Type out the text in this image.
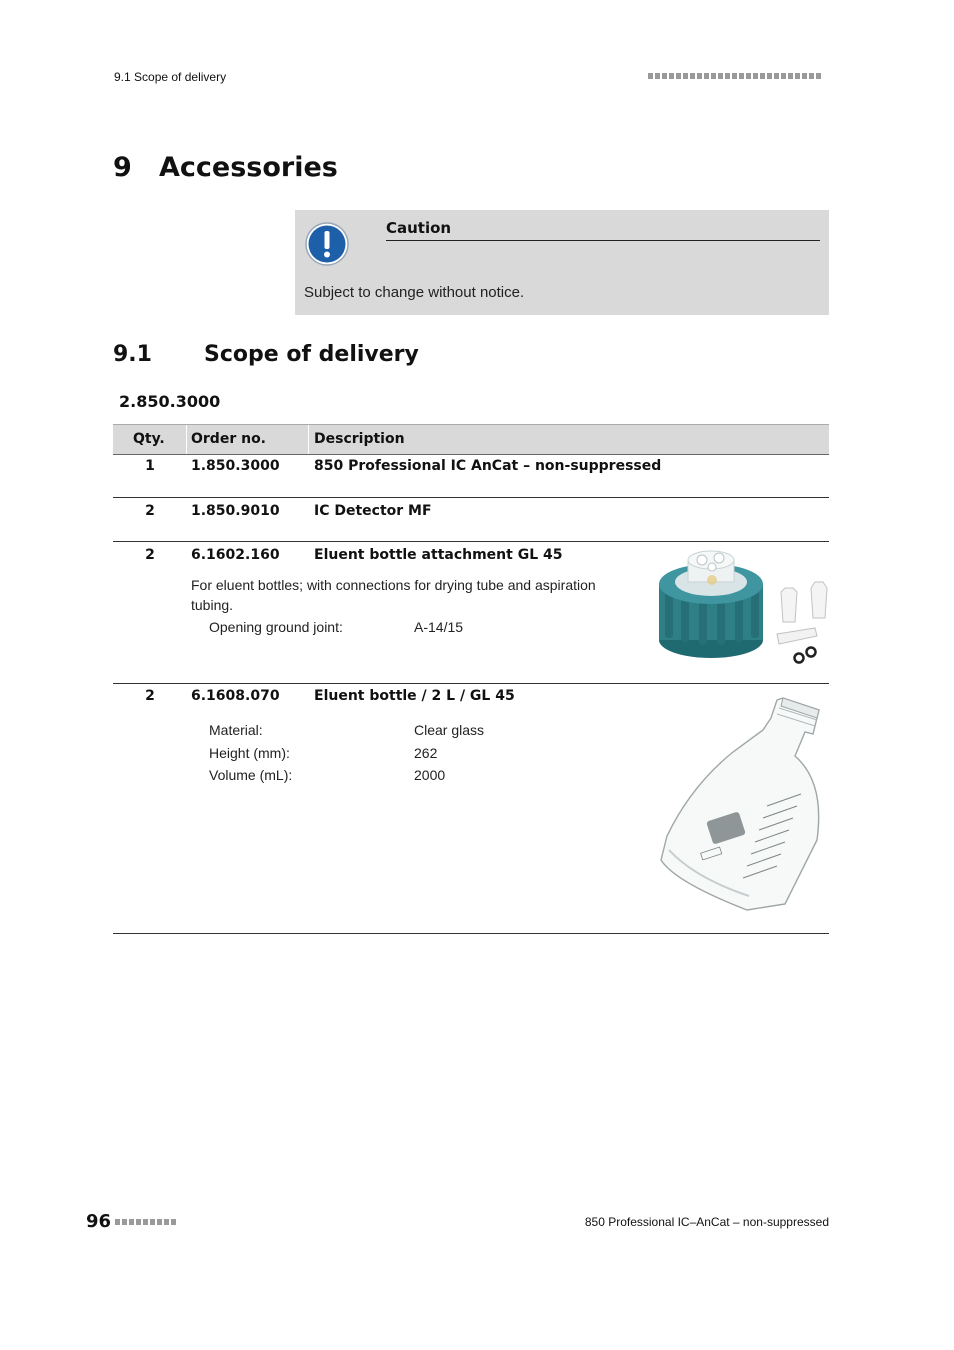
9.1 Scope of delivery
9 Accessories
Caution
Subject to change without notice.
9.1 Scope of delivery
2.850.3000
Qty. Order no.	Description
1	1.850.3000 850 Professional IC AnCat – non-suppressed
2	1.850.9010 IC Detector MF
2	6.1602.160 Eluent bottle attachment GL 45
For eluent bottles; with connections for drying tube and aspiration tubing.
Opening ground joint:	A-14/15
2	6.1608.070 Eluent bottle / 2 L / GL 45
Material:	Clear glass
Height (mm):	262
Volume (mL):	2000
96	850 Professional IC–AnCat – non-suppressed
